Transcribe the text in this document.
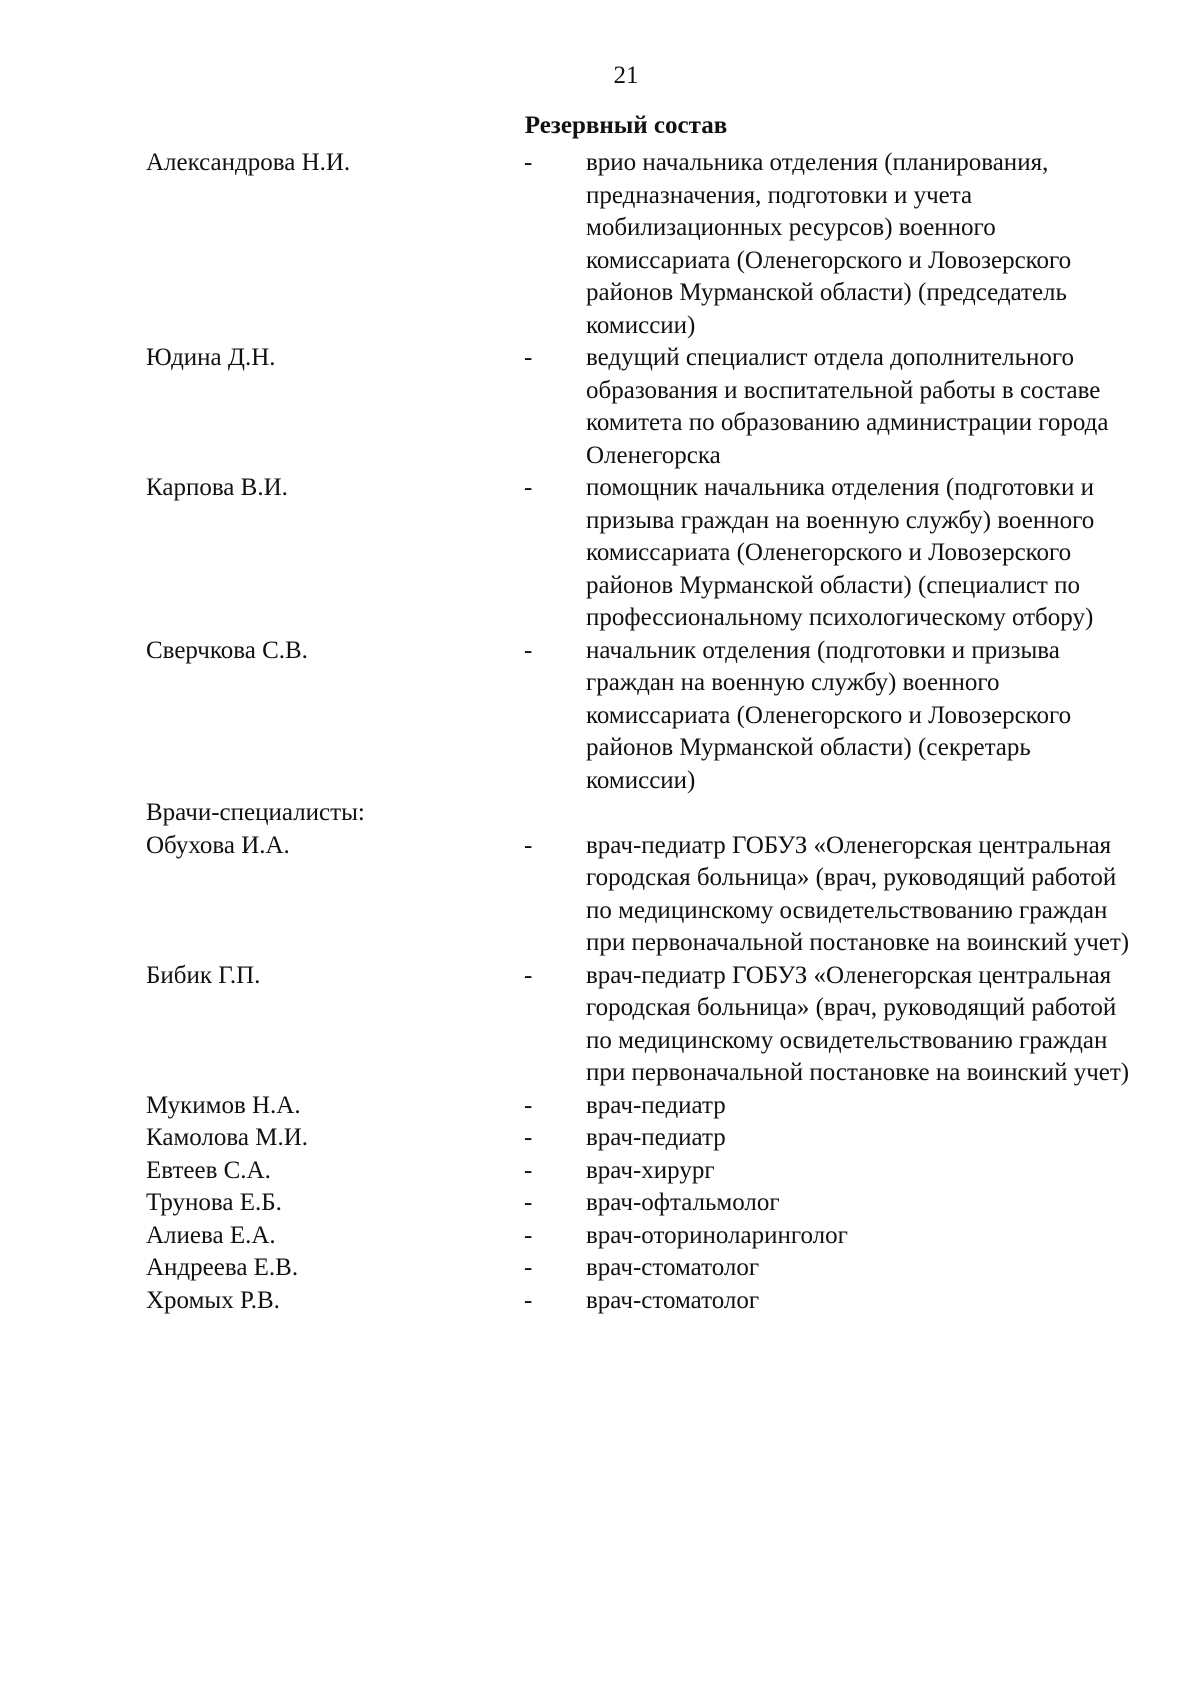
21
Резервный состав
Александрова Н.И.	- врио начальника отделения (планирования, предназначения, подготовки и учета мобилизационных ресурсов) военного комиссариата (Оленегорского и Ловозерского районов Мурманской области) (председатель комиссии)
Юдина Д.Н.	- ведущий специалист отдела дополнительного образования и воспитательной работы в составе комитета по образованию администрации города Оленегорска
Карпова В.И.	- помощник начальника отделения (подготовки и призыва граждан на военную службу) военного комиссариата (Оленегорского и Ловозерского районов Мурманской области) (специалист по профессиональному психологическому отбору)
Сверчкова С.В.	- начальник отделения (подготовки и призыва граждан на военную службу) военного комиссариата (Оленегорского и Ловозерского районов Мурманской области) (секретарь комиссии)
Врачи-специалисты:
Обухова И.А.	- врач-педиатр ГОБУЗ «Оленегорская центральная городская больница» (врач, руководящий работой по медицинскому освидетельствованию граждан при первоначальной постановке на воинский учет)
Бибик Г.П.	- врач-педиатр ГОБУЗ «Оленегорская центральная городская больница» (врач, руководящий работой по медицинскому освидетельствованию граждан при первоначальной постановке на воинский учет)
Мукимов Н.А.	- врач-педиатр
Камолова М.И.	- врач-педиатр
Евтеев С.А.	- врач-хирург
Трунова Е.Б.	- врач-офтальмолог
Алиева Е.А.	- врач-оториноларинголог
Андреева Е.В.	- врач-стоматолог
Хромых Р.В.	- врач-стоматолог
